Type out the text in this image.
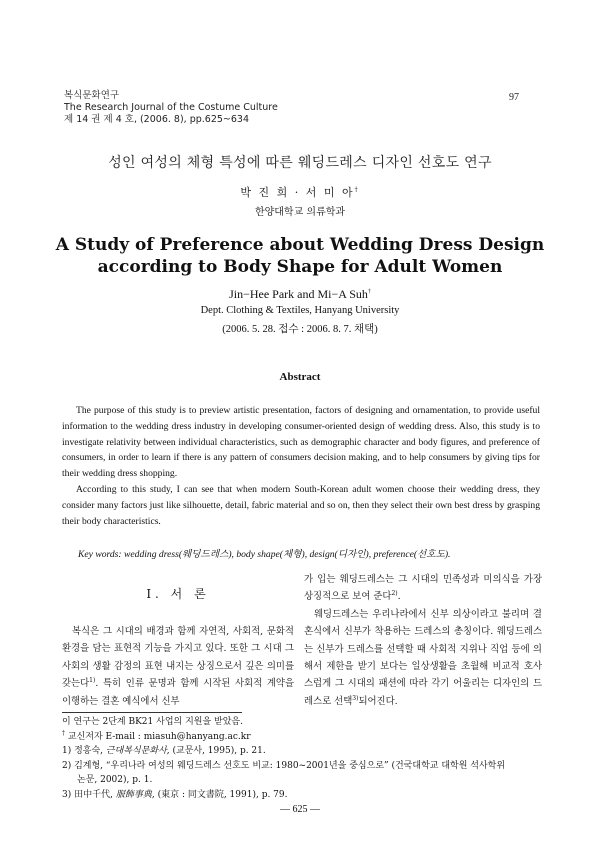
복식문화연구
The Research Journal of the Costume Culture
제 14 권 제 4 호, (2006. 8), pp.625~634
97
성인 여성의 체형 특성에 따른 웨딩드레스 디자인 선호도 연구
박 진 희 · 서 미 아†
한양대학교 의류학과
A Study of Preference about Wedding Dress Design according to Body Shape for Adult Women
Jin−Hee Park and Mi−A Suh†
Dept. Clothing & Textiles, Hanyang University
(2006. 5. 28. 접수 : 2006. 8. 7. 채택)
Abstract

The purpose of this study is to preview artistic presentation, factors of designing and ornamentation, to provide useful information to the wedding dress industry in developing consumer-oriented design of wedding dress. Also, this study is to investigate relativity between individual characteristics, such as demographic character and body figures, and preference of consumers, in order to learn if there is any pattern of consumers decision making, and to help consumers by giving tips for their wedding dress shopping.

According to this study, I can see that when modern South-Korean adult women choose their wedding dress, they consider many factors just like silhouette, detail, fabric material and so on, then they select their own best dress by grasping their body characteristics.

Key words: wedding dress(웨딩드레스), body shape(체형), design(디자인), preference(선호도).
I. 서 론

복식은 그 시대의 배경과 함께 자연적, 사회적, 문화적 환경을 담는 표현적 기능을 가지고 있다. 또한 그 시대 그 사회의 생활 감정의 표현 내지는 상징으로서 깊은 의미를 갖는다$^{1)}$. 특히 인류 문명과 함께 시작된 사회적 계약을 이행하는 결혼 예식에서 신부

가 입는 웨딩드레스는 그 시대의 민족성과 미의식을 가장 상징적으로 보여 준다$^{2)}$.

웨딩드레스는 우리나라에서 신부 의상이라고 불리며 결혼식에서 신부가 착용하는 드레스의 총칭이다. 웨딩드레스는 신부가 드레스를 선택할 때 사회적 지위나 직업 등에 의해서 제한을 받기 보다는 일상생활을 초월해 비교적 호사스럽게 그 시대의 패션에 따라 각기 어울리는 디자인의 드레스로 선택$^{3)}$되어진다.

이 연구는 2단계 BK21 사업의 지원을 받았음.
† 교신저자 E-mail : miasuh@hanyang.ac.kr
1) 정흥숙, 근대복식문화사, (교문사, 1995), p. 21.
2) 김계형, “우리나라 여성의 웨딩드레스 선호도 비교: 1980~2001년을 중심으로” (건국대학교 대학원 석사학위
논문, 2002), p. 1.
3) 田中千代, 服飾事典, (東京 : 同文書院, 1991), p. 79.
— 625 —
